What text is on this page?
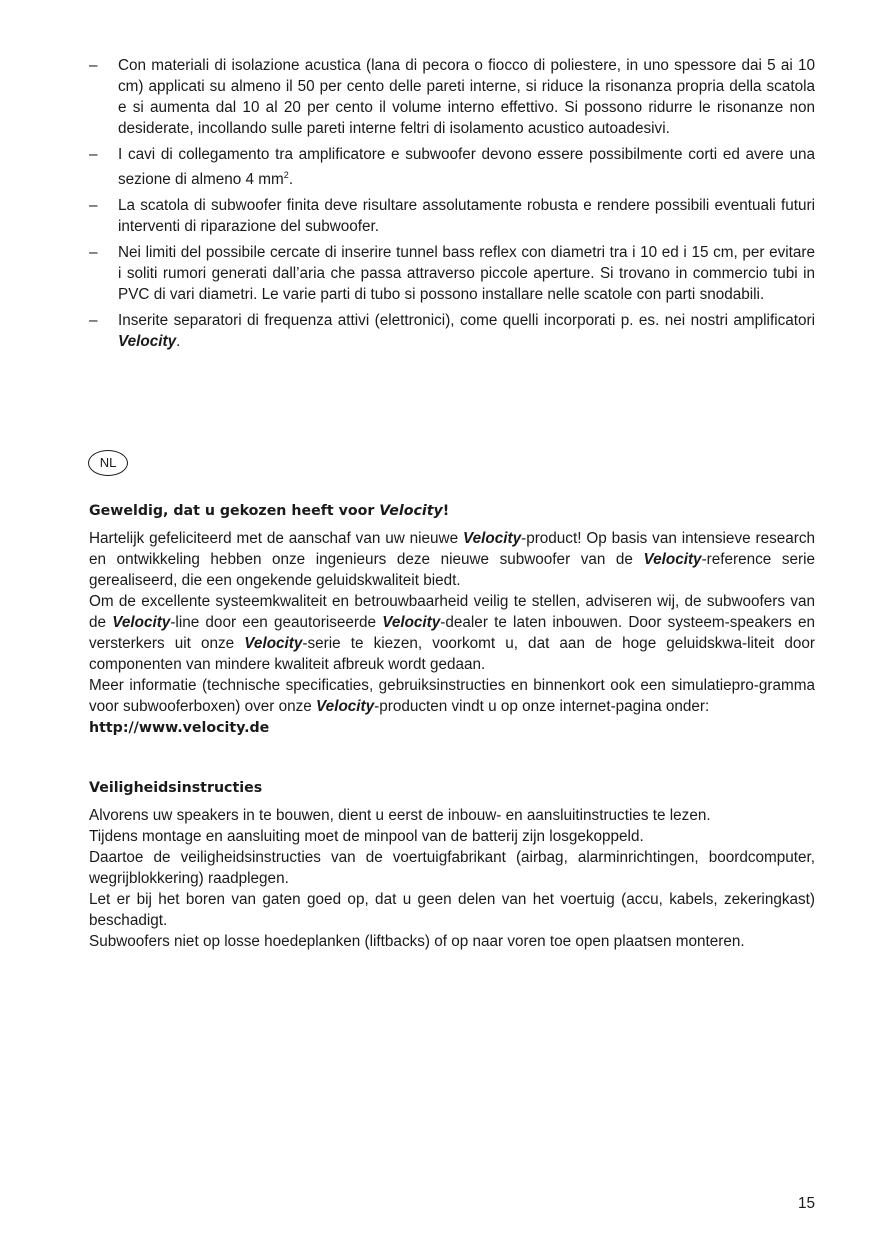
– Con materiali di isolazione acustica (lana di pecora o fiocco di poliestere, in uno spessore dai 5 ai 10 cm) applicati su almeno il 50 per cento delle pareti interne, si riduce la risonanza propria della scatola e si aumenta dal 10 al 20 per cento il volume interno effettivo. Si possono ridurre le risonanze non desiderate, incollando sulle pareti interne feltri di isolamento acustico autoadesivi.
– I cavi di collegamento tra amplificatore e subwoofer devono essere possibilmente corti ed avere una sezione di almeno 4 $mm^2$.
– La scatola di subwoofer finita deve risultare assolutamente robusta e rendere possibili eventuali futuri interventi di riparazione del subwoofer.
– Nei limiti del possibile cercate di inserire tunnel bass reflex con diametri tra i 10 ed i 15 cm, per evitare i soliti rumori generati dall’aria che passa attraverso piccole aperture. Si trovano in commercio tubi in PVC di vari diametri. Le varie parti di tubo si possono installare nelle scatole con parti snodabili.
– Inserite separatori di frequenza attivi (elettronici), come quelli incorporati p. es. nei nostri amplificatori Velocity.
NL

Geweldig, dat u gekozen heeft voor Velocity!

Hartelijk gefeliciteerd met de aanschaf van uw nieuwe Velocity-product! Op basis van intensieve research en ontwikkeling hebben onze ingenieurs deze nieuwe subwoofer van de Velocity-reference serie gerealiseerd, die een ongekende geluidskwaliteit biedt.

Om de excellente systeemkwaliteit en betrouwbaarheid veilig te stellen, adviseren wij, de subwoofers van de Velocity-line door een geautoriseerde Velocity-dealer te laten inbouwen. Door systeem-speakers en versterkers uit onze Velocity-serie te kiezen, voorkomt u, dat aan de hoge geluidskwa-liteit door componenten van mindere kwaliteit afbreuk wordt gedaan.

Meer informatie (technische specificaties, gebruiksinstructies en binnenkort ook een simulatiepro-gramma voor subwooferboxen) over onze Velocity-producten vindt u op onze internet-pagina onder:
http://www.velocity.de

Veiligheidsinstructies

Alvorens uw speakers in te bouwen, dient u eerst de inbouw- en aansluitinstructies te lezen.

Tijdens montage en aansluiting moet de minpool van de batterij zijn losgekoppeld.

Daartoe de veiligheidsinstructies van de voertuigfabrikant (airbag, alarminrichtingen, boordcomputer, wegrijblokkering) raadplegen.

Let er bij het boren van gaten goed op, dat u geen delen van het voertuig (accu, kabels, zekeringkast) beschadigt.

Subwoofers niet op losse hoedeplanken (liftbacks) of op naar voren toe open plaatsen monteren.

15
